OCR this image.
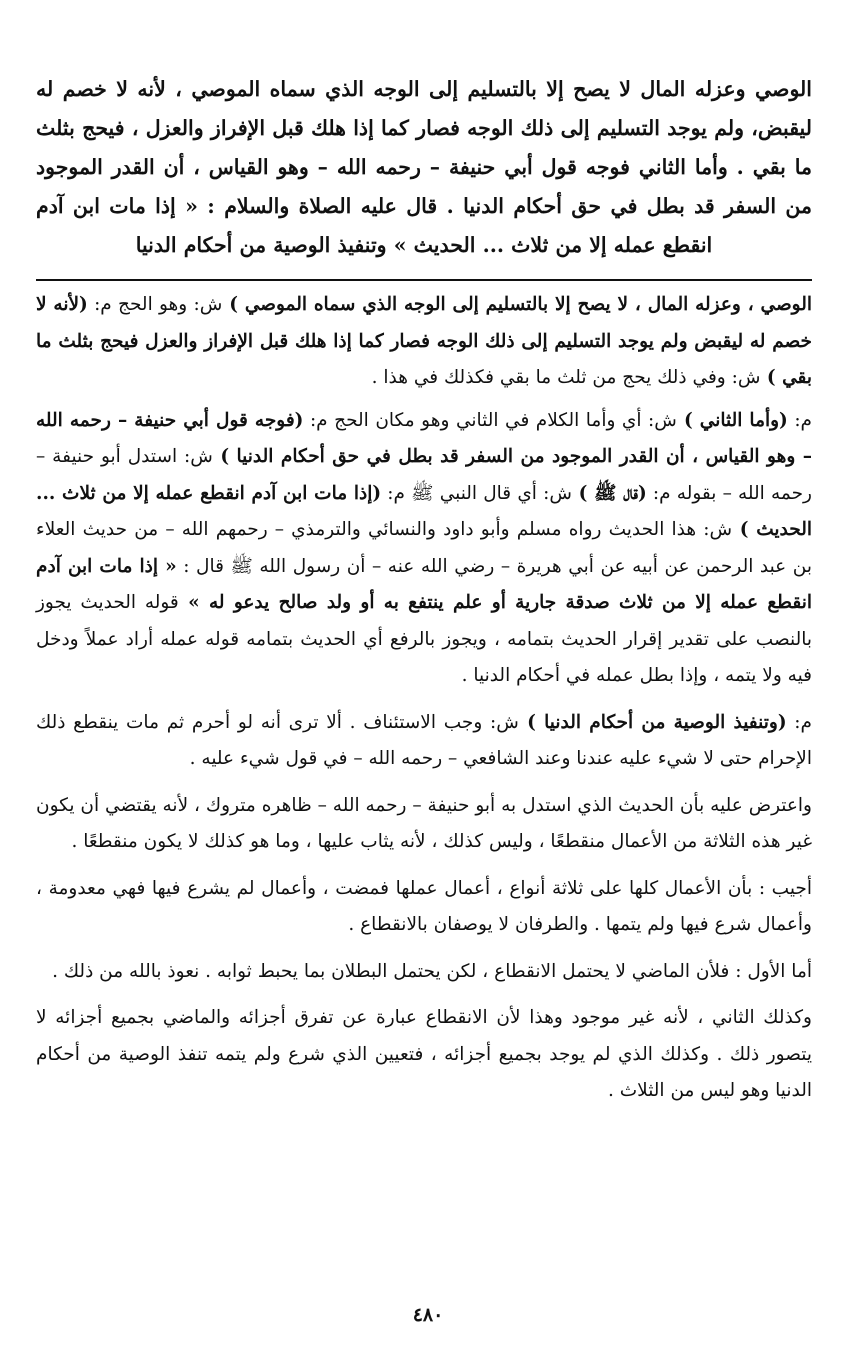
الوصي وعزله المال لا يصح إلا بالتسليم إلى الوجه الذي سماه الموصي ، لأنه لا خصم له ليقبض، ولم يوجد التسليم إلى ذلك الوجه فصار كما إذا هلك قبل الإفراز والعزل ، فيحج بثلث ما بقي . وأما الثاني فوجه قول أبي حنيفة – رحمه الله – وهو القياس ، أن القدر الموجود من السفر قد بطل في حق أحكام الدنيا . قال عليه الصلاة والسلام : « إذا مات ابن آدم انقطع عمله إلا من ثلاث ... الحديث » وتنفيذ الوصية من أحكام الدنيا

الوصي ، وعزله المال ، لا يصح إلا بالتسليم إلى الوجه الذي سماه الموصي ) ش: وهو الحج م: (لأنه لا خصم له ليقبض ولم يوجد التسليم إلى ذلك الوجه فصار كما إذا هلك قبل الإفراز والعزل فيحج بثلث ما بقي ) ش: وفي ذلك يحج من ثلث ما بقي فكذلك في هذا .

م: (وأما الثاني ) ش: أي وأما الكلام في الثاني وهو مكان الحج م: (فوجه قول أبي حنيفة – رحمه الله – وهو القياس ، أن القدر الموجود من السفر قد بطل في حق أحكام الدنيا ) ش: استدل أبو حنيفة – رحمه الله – بقوله م: (قال ﷺ ) ش: أي قال النبي ﷺ م: (إذا مات ابن آدم انقطع عمله إلا من ثلاث ... الحديث ) ش: هذا الحديث رواه مسلم وأبو داود والنسائي والترمذي – رحمهم الله – من حديث العلاء بن عبد الرحمن عن أبيه عن أبي هريرة – رضي الله عنه – أن رسول الله ﷺ قال : « إذا مات ابن آدم انقطع عمله إلا من ثلاث صدقة جارية أو علم ينتفع به أو ولد صالح يدعو له » قوله الحديث يجوز بالنصب على تقدير إقرار الحديث بتمامه ، ويجوز بالرفع أي الحديث بتمامه قوله عمله أراد عملاً ودخل فيه ولا يتمه ، وإذا بطل عمله في أحكام الدنيا .

م: (وتنفيذ الوصية من أحكام الدنيا ) ش: وجب الاستئناف . ألا ترى أنه لو أحرم ثم مات ينقطع ذلك الإحرام حتى لا شيء عليه عندنا وعند الشافعي – رحمه الله – في قول شيء عليه .

واعترض عليه بأن الحديث الذي استدل به أبو حنيفة – رحمه الله – ظاهره متروك ، لأنه يقتضي أن يكون غير هذه الثلاثة من الأعمال منقطعًا ، وليس كذلك ، لأنه يثاب عليها ، وما هو كذلك لا يكون منقطعًا .

أجيب : بأن الأعمال كلها على ثلاثة أنواع ، أعمال عملها فمضت ، وأعمال لم يشرع فيها فهي معدومة ، وأعمال شرع فيها ولم يتمها . والطرفان لا يوصفان بالانقطاع .

أما الأول : فلأن الماضي لا يحتمل الانقطاع ، لكن يحتمل البطلان بما يحبط ثوابه . نعوذ بالله من ذلك .

وكذلك الثاني ، لأنه غير موجود وهذا لأن الانقطاع عبارة عن تفرق أجزائه والماضي بجميع أجزائه لا يتصور ذلك . وكذلك الذي لم يوجد بجميع أجزائه ، فتعيين الذي شرع ولم يتمه تنفذ الوصية من أحكام الدنيا وهو ليس من الثلاث .

٤٨٠
